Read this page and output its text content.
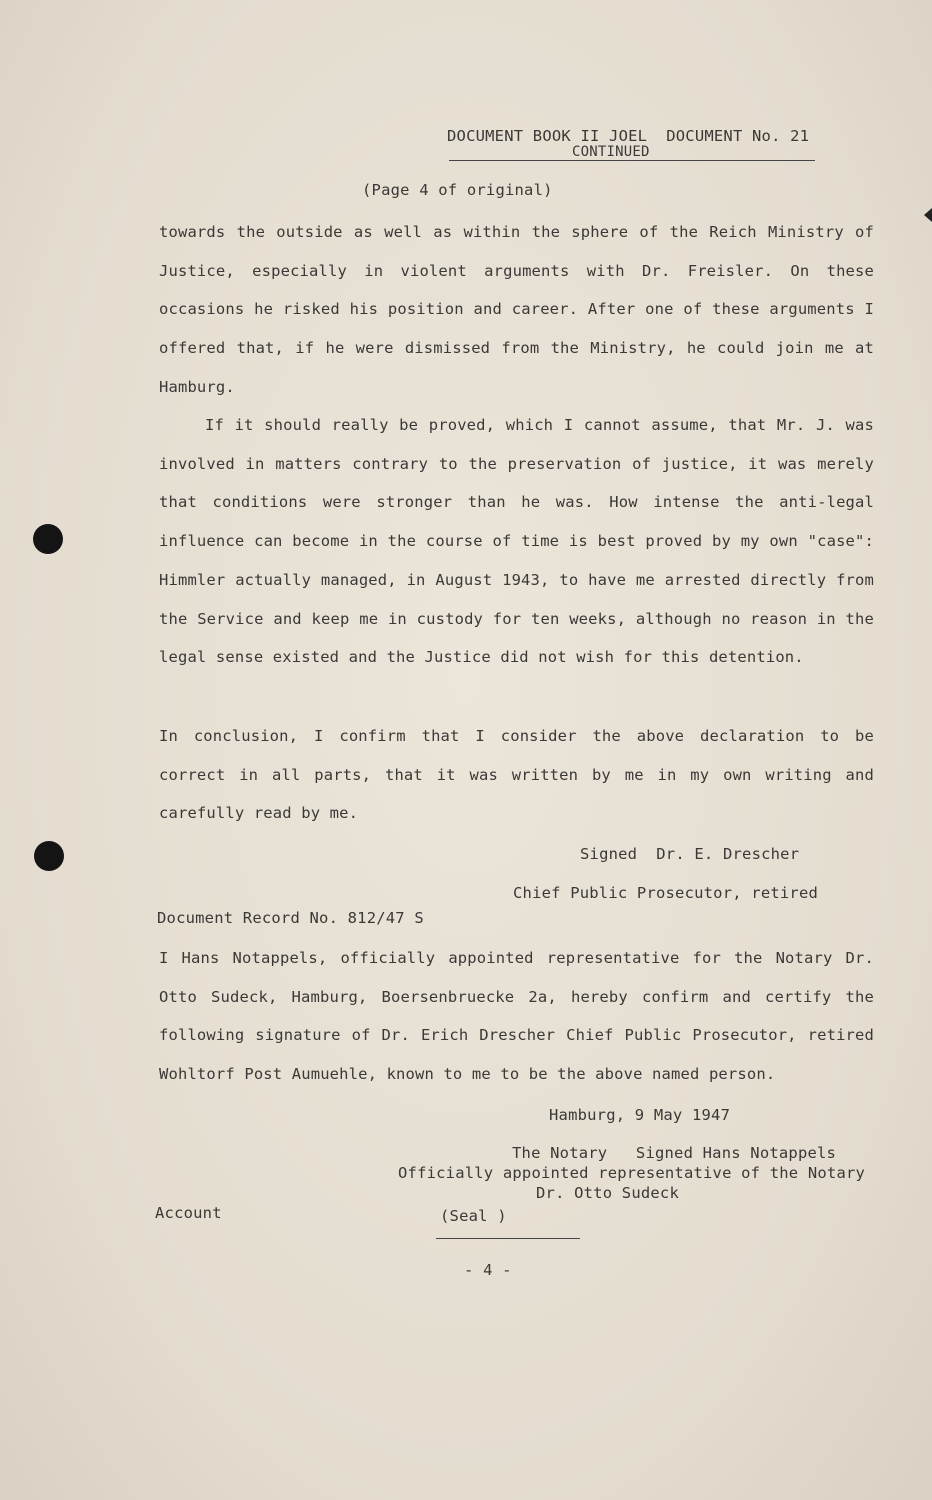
DOCUMENT BOOK II JOEL  DOCUMENT No. 21
CONTINUED
(Page 4 of original)

towards the outside as well as within the sphere of the Reich Ministry of Justice, especially in violent arguments with Dr. Freisler. On these occasions he risked his position and career. After one of these arguments I offered that, if he were dismissed from the Ministry, he could join me at Hamburg.

If it should really be proved, which I cannot assume, that Mr. J. was involved in matters contrary to the preservation of justice, it was merely that conditions were stronger than he was. How intense the anti-legal influence can become in the course of time is best proved by my own "case": Himmler actually managed, in August 1943, to have me arrested directly from the Service and keep me in custody for ten weeks, although no reason in the legal sense existed and the Justice did not wish for this detention.

In conclusion, I confirm that I consider the above declaration to be correct in all parts, that it was written by me in my own writing and carefully read by me.

Signed  Dr. E. Drescher
Chief Public Prosecutor, retired
Document Record No. 812/47 S

I Hans Notappels, officially appointed representative for the Notary Dr. Otto Sudeck, Hamburg, Boersenbruecke 2a, hereby confirm and certify the following signature of Dr. Erich Drescher Chief Public Prosecutor, retired Wohltorf Post Aumuehle, known to me to be the above named person.

Hamburg, 9 May 1947
The Notary   Signed Hans Notappels
Officially appointed representative of the Notary
Dr. Otto Sudeck
Account	(Seal )
- 4 -
